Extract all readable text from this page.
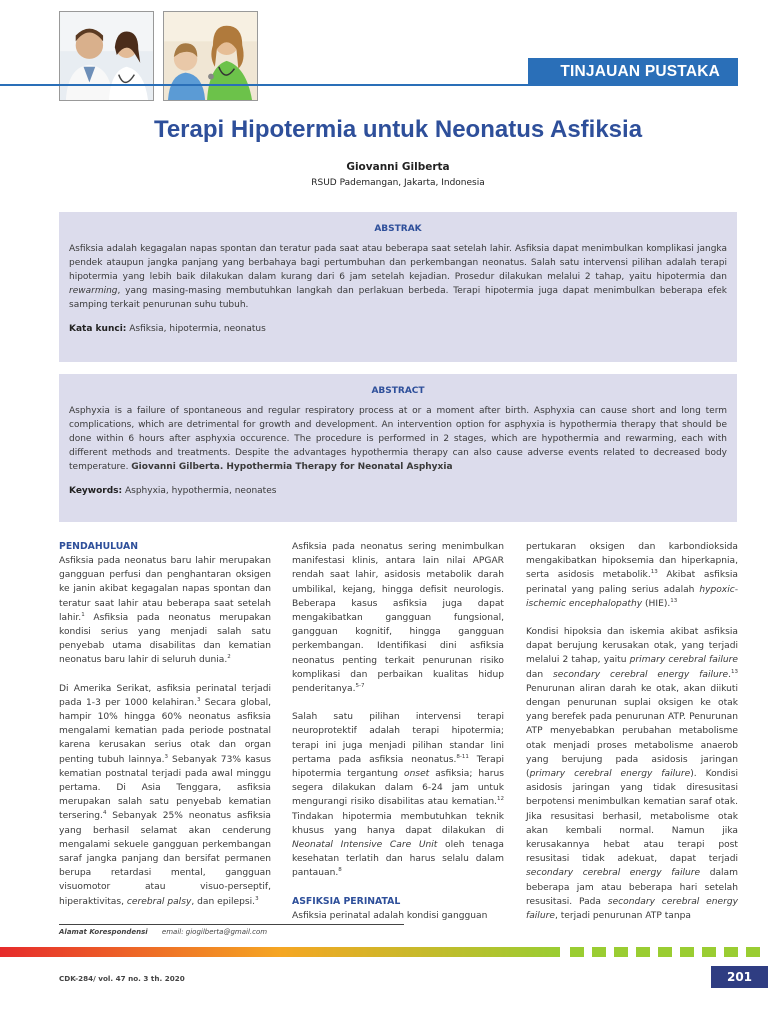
TINJAUAN PUSTAKA
Terapi Hipotermia untuk Neonatus Asfiksia
Giovanni Gilberta
RSUD Pademangan, Jakarta, Indonesia
ABSTRAK

Asfiksia adalah kegagalan napas spontan dan teratur pada saat atau beberapa saat setelah lahir. Asfiksia dapat menimbulkan komplikasi jangka pendek ataupun jangka panjang yang berbahaya bagi pertumbuhan dan perkembangan neonatus. Salah satu intervensi pilihan adalah terapi hipotermia yang lebih baik dilakukan dalam kurang dari 6 jam setelah kejadian. Prosedur dilakukan melalui 2 tahap, yaitu hipotermia dan rewarming, yang masing-masing membutuhkan langkah dan perlakuan berbeda. Terapi hipotermia juga dapat menimbulkan beberapa efek samping terkait penurunan suhu tubuh.

Kata kunci: Asfiksia, hipotermia, neonatus

ABSTRACT

Asphyxia is a failure of spontaneous and regular respiratory process at or a moment after birth. Asphyxia can cause short and long term complications, which are detrimental for growth and development. An intervention option for asphyxia is hypothermia therapy that should be done within 6 hours after asphyxia occurence. The procedure is performed in 2 stages, which are hypothermia and rewarming, each with different methods and treatments. Despite the advantages hypothermia therapy can also cause adverse events related to decreased body temperature. Giovanni Gilberta. Hypothermia Therapy for Neonatal Asphyxia

Keywords: Asphyxia, hypothermia, neonates

PENDAHULUAN

Asfiksia pada neonatus baru lahir merupakan gangguan perfusi dan penghantaran oksigen ke janin akibat kegagalan napas spontan dan teratur saat lahir atau beberapa saat setelah lahir.$^1$ Asfiksia pada neonatus merupakan kondisi serius yang menjadi salah satu penyebab utama disabilitas dan kematian neonatus baru lahir di seluruh dunia.$^2$

Di Amerika Serikat, asfiksia perinatal terjadi pada 1-3 per 1000 kelahiran.$^3$ Secara global, hampir 10% hingga 60% neonatus asfiksia mengalami kematian pada periode postnatal karena kerusakan serius otak dan organ penting tubuh lainnya.$^3$ Sebanyak 73% kasus kematian postnatal terjadi pada awal minggu pertama. Di Asia Tenggara, asfiksia merupakan salah satu penyebab kematian tersering.$^4$ Sebanyak 25% neonatus asfiksia yang berhasil selamat akan cenderung mengalami sekuele gangguan perkembangan saraf jangka panjang dan bersifat permanen berupa retardasi mental, gangguan visuomotor atau visuo-perseptif, hiperaktivitas, cerebral palsy, dan epilepsi.$^3$

Asfiksia pada neonatus sering menimbulkan manifestasi klinis, antara lain nilai APGAR rendah saat lahir, asidosis metabolik darah umbilikal, kejang, hingga defisit neurologis. Beberapa kasus asfiksia juga dapat mengakibatkan gangguan fungsional, gangguan kognitif, hingga gangguan perkembangan. Identifikasi dini asfiksia neonatus penting terkait penurunan risiko komplikasi dan perbaikan kualitas hidup penderitanya.$^{5-7}$

Salah satu pilihan intervensi terapi neuroprotektif adalah terapi hipotermia; terapi ini juga menjadi pilihan standar lini pertama pada asfiksia neonatus.$^{8-11}$ Terapi hipotermia tergantung onset asfiksia; harus segera dilakukan dalam 6-24 jam untuk mengurangi risiko disabilitas atau kematian.$^{12}$ Tindakan hipotermia membutuhkan teknik khusus yang hanya dapat dilakukan di Neonatal Intensive Care Unit oleh tenaga kesehatan terlatih dan harus selalu dalam pantauan.$^8$

ASFIKSIA PERINATAL

Asfiksia perinatal adalah kondisi gangguan

pertukaran oksigen dan karbondioksida mengakibatkan hipoksemia dan hiperkapnia, serta asidosis metabolik.$^{13}$ Akibat asfiksia perinatal yang paling serius adalah hypoxic-ischemic encephalopathy (HIE).$^{13}$

Kondisi hipoksia dan iskemia akibat asfiksia dapat berujung kerusakan otak, yang terjadi melalui 2 tahap, yaitu primary cerebral failure dan secondary cerebral energy failure.$^{13}$ Penurunan aliran darah ke otak, akan diikuti dengan penurunan suplai oksigen ke otak yang berefek pada penurunan ATP. Penurunan ATP menyebabkan perubahan metabolisme otak menjadi proses metabolisme anaerob yang berujung pada asidosis jaringan (primary cerebral energy failure). Kondisi asidosis jaringan yang tidak diresusitasi berpotensi menimbulkan kematian saraf otak. Jika resusitasi berhasil, metabolisme otak akan kembali normal. Namun jika kerusakannya hebat atau terapi post resusitasi tidak adekuat, dapat terjadi secondary cerebral energy failure dalam beberapa jam atau beberapa hari setelah resusitasi. Pada secondary cerebral energy failure, terjadi penurunan ATP tanpa

Alamat Korespondensi email: giogilberta@gmail.com
CDK-284/ vol. 47 no. 3 th. 2020	201
